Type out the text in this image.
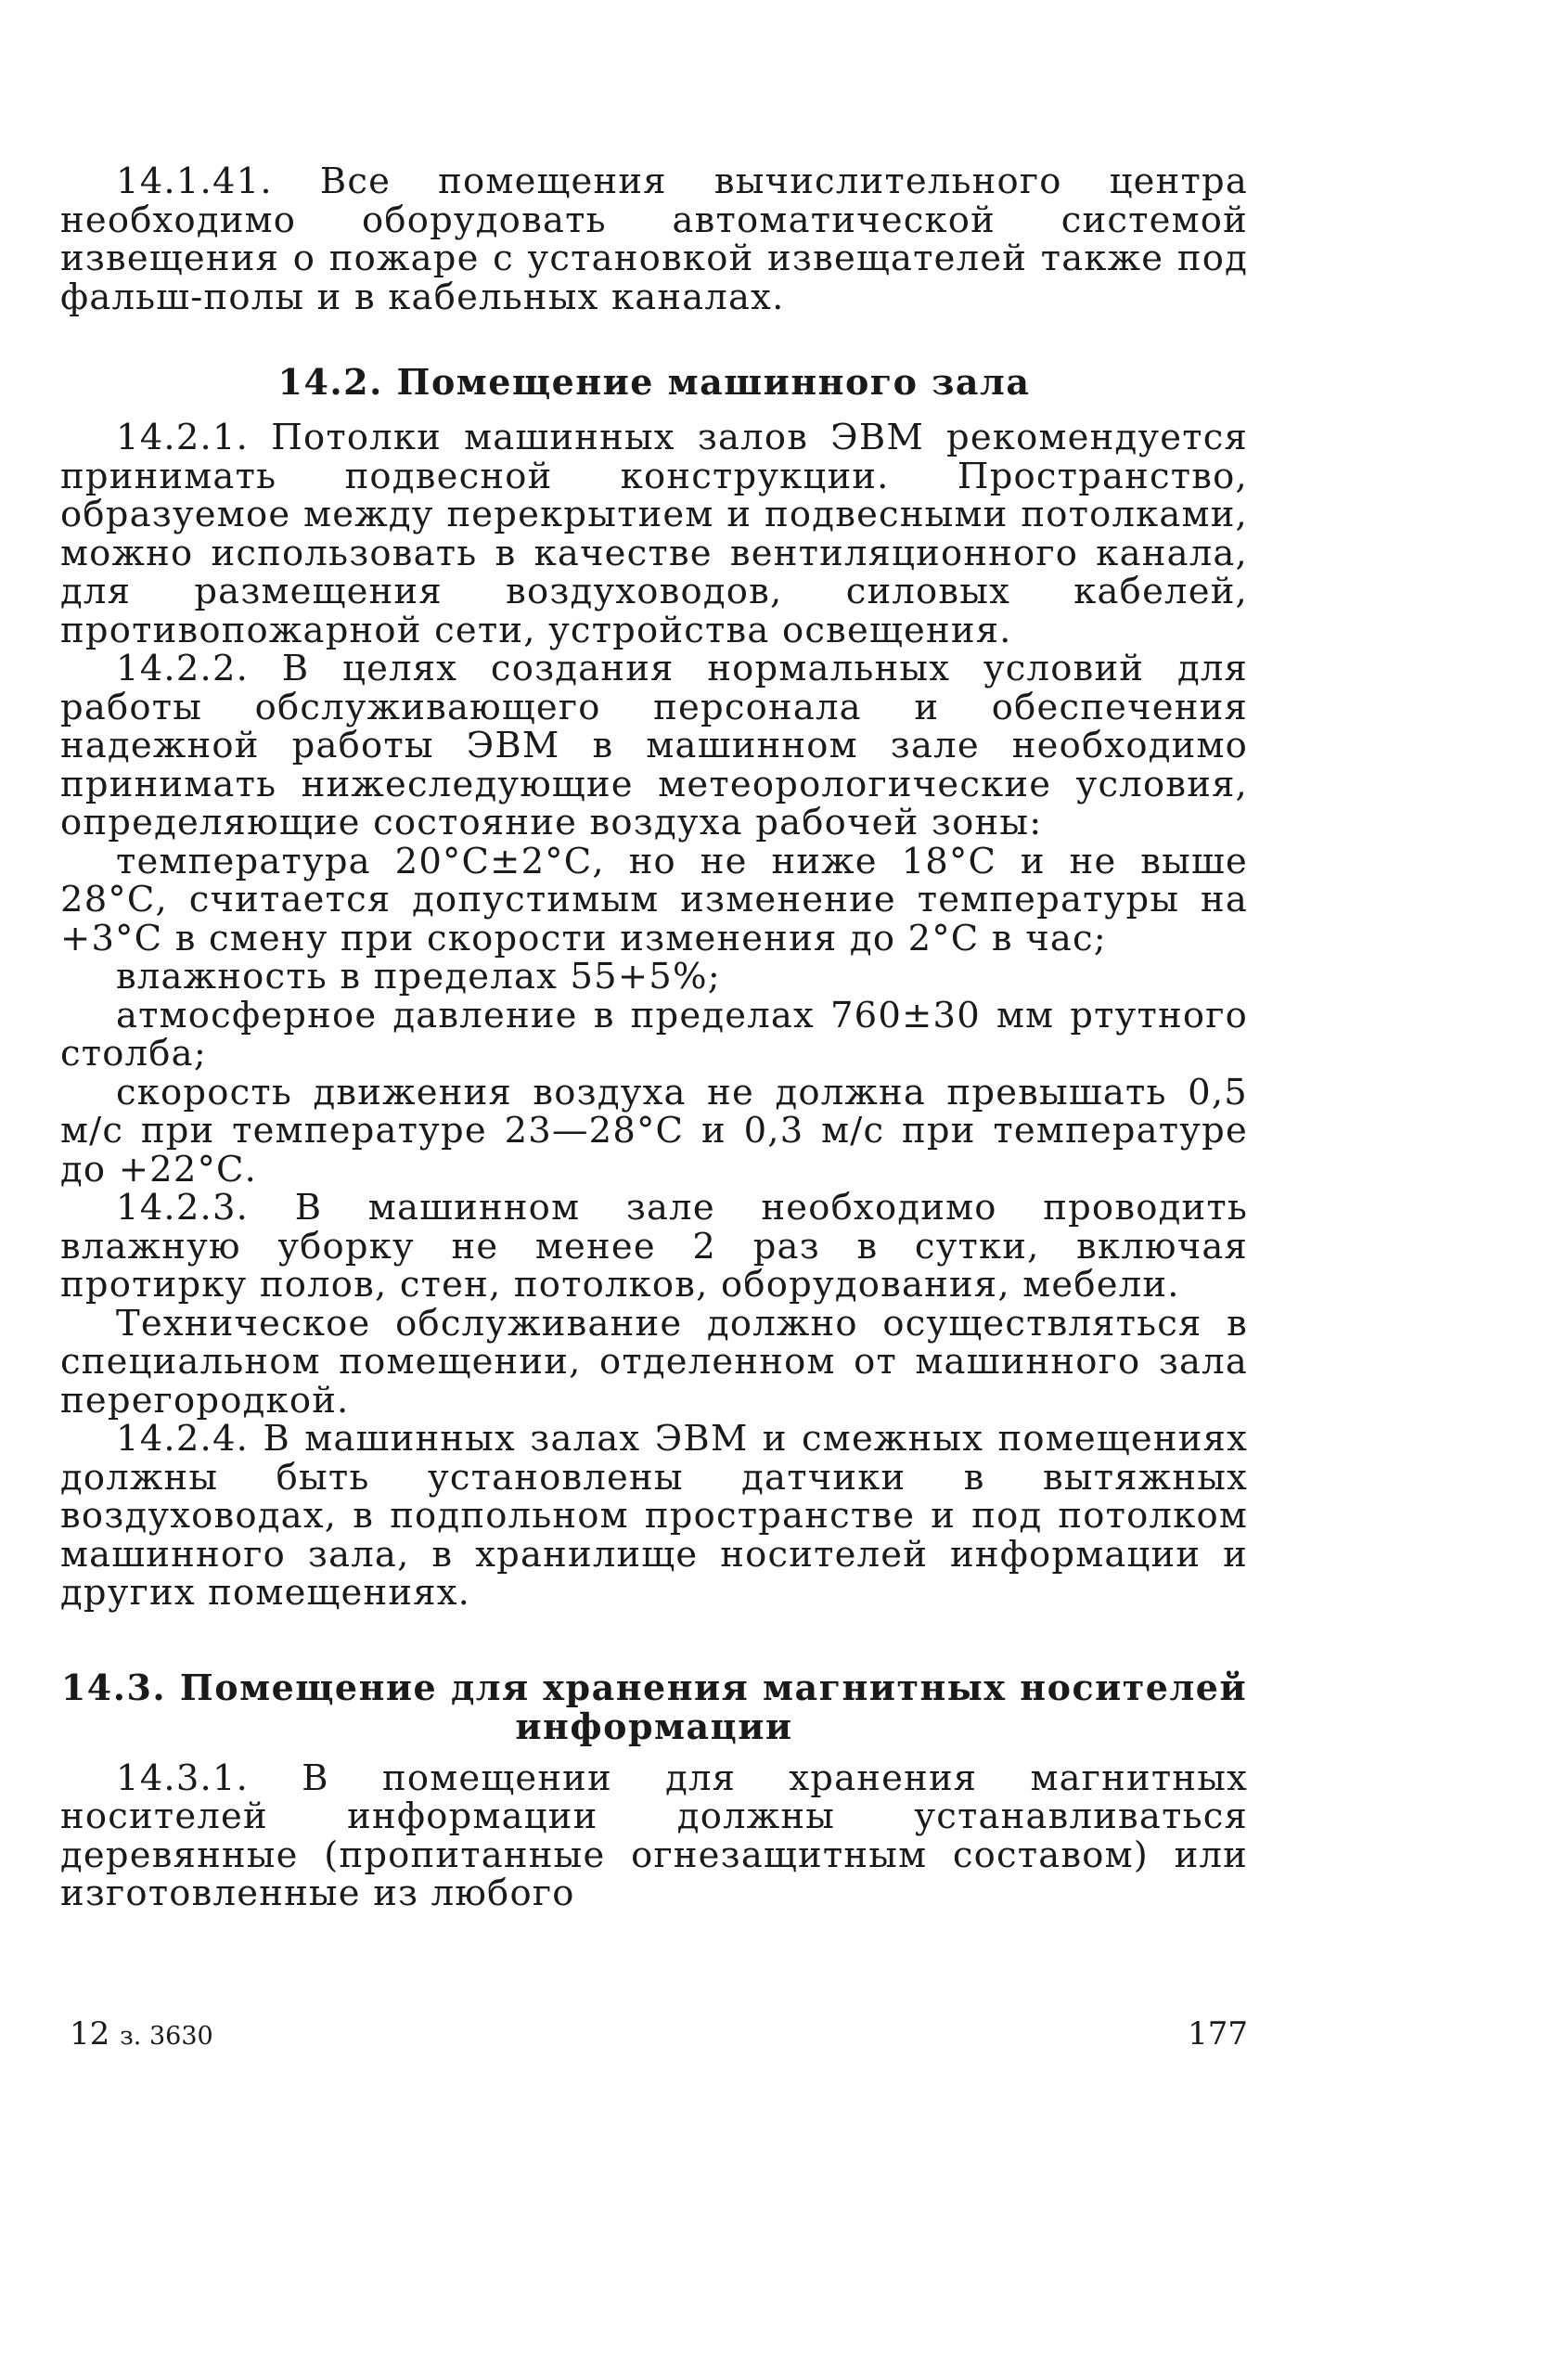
14.1.41. Все помещения вычислительного центра необходимо оборудовать автоматической системой извещения о пожаре с установкой извещателей также под фальш-полы и в кабельных каналах.

14.2. Помещение машинного зала

14.2.1. Потолки машинных залов ЭВМ рекомендуется принимать подвесной конструкции. Пространство, образуемое между перекрытием и подвесными потолками, можно использовать в качестве вентиляционного канала, для размещения воздуховодов, силовых кабелей, противопожарной сети, устройства освещения.

14.2.2. В целях создания нормальных условий для работы обслуживающего персонала и обеспечения надежной работы ЭВМ в машинном зале необходимо принимать нижеследующие метеорологические условия, определяющие состояние воздуха рабочей зоны:

температура 20°С±2°С, но не ниже 18°С и не выше 28°С, считается допустимым изменение температуры на +3°С в смену при скорости изменения до 2°С в час;

влажность в пределах 55+5%;

атмосферное давление в пределах 760±30 мм ртутного столба;

скорость движения воздуха не должна превышать 0,5 м/с при температуре 23—28°С и 0,3 м/с при температуре до +22°С.

14.2.3. В машинном зале необходимо проводить влажную уборку не менее 2 раз в сутки, включая протирку полов, стен, потолков, оборудования, мебели.

Техническое обслуживание должно осуществляться в специальном помещении, отделенном от машинного зала перегородкой.

14.2.4. В машинных залах ЭВМ и смежных помещениях должны быть установлены датчики в вытяжных воздуховодах, в подпольном пространстве и под потолком машинного зала, в хранилище носителей информации и других помещениях.

14.3. Помещение для хранения магнитных носителей информации

14.3.1. В помещении для хранения магнитных носителей информации должны устанавливаться деревянные (пропитанные огнезащитным составом) или изготовленные из любого

12 з. 3630	177
